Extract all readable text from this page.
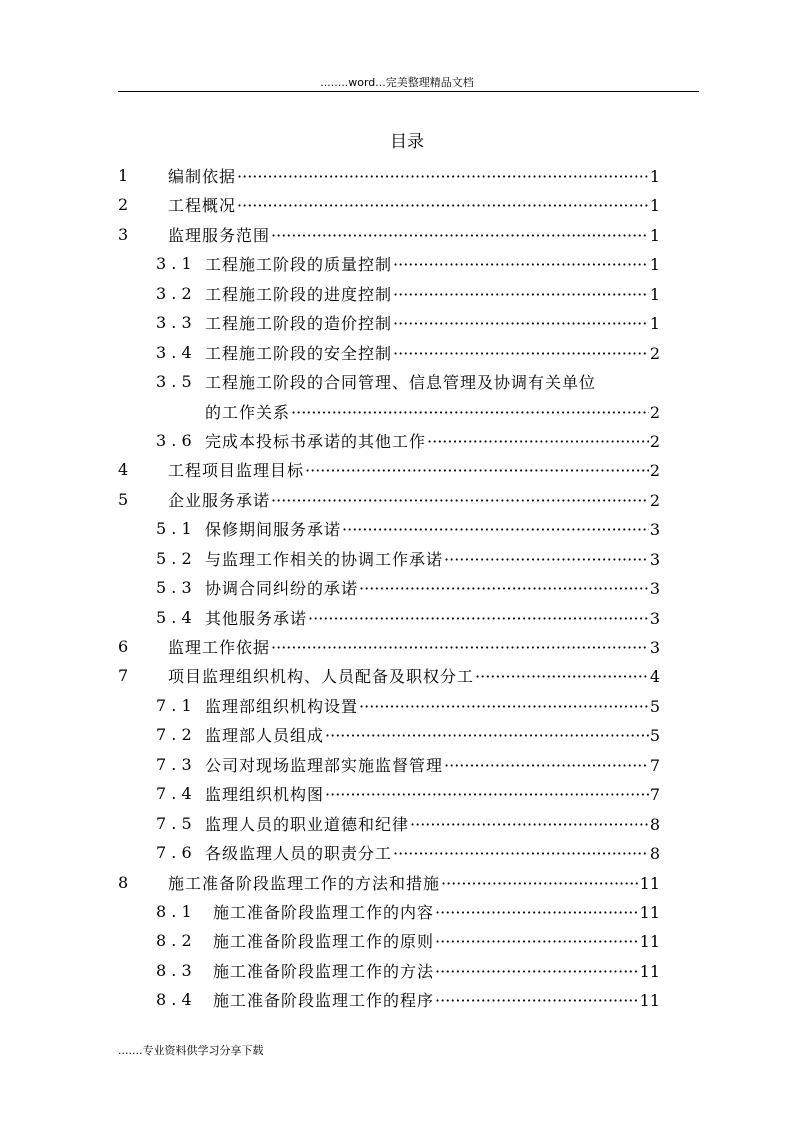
........word...完美整理精品文档
目录
1 编制依据 ·····	1
2 工程概况 ·····	1
3 监理服务范围 ·····	1
3 . 1 工程施工阶段的质量控制 ·····	1
3 . 2 工程施工阶段的进度控制 ·····	1
3 . 3 工程施工阶段的造价控制 ·····	1
3 . 4 工程施工阶段的安全控制 ·····	2
3 . 5 工程施工阶段的合同管理、信息管理及协调有关单位
的工作关系 ·····	2
3 . 6 完成本投标书承诺的其他工作 ·····	2
4 工程项目监理目标 ·····	2
5 企业服务承诺 ·····	2
5 . 1 保修期间服务承诺 ·····	3
5 . 2 与监理工作相关的协调工作承诺 ·····	3
5 . 3 协调合同纠纷的承诺 ·····	3
5 . 4 其他服务承诺 ·····	3
6 监理工作依据 ·····	3
7 项目监理组织机构、人员配备及职权分工 ·····	4
7 . 1 监理部组织机构设置 ·····	5
7 . 2 监理部人员组成 ·····	5
7 . 3 公司对现场监理部实施监督管理 ·····	7
7 . 4 监理组织机构图 ·····	7
7 . 5 监理人员的职业道德和纪律 ·····	8
7 . 6 各级监理人员的职责分工 ·····	8
8 施工准备阶段监理工作的方法和措施 ·····	11
8 . 1 施工准备阶段监理工作的内容 ·····	11
8 . 2 施工准备阶段监理工作的原则 ·····	11
8 . 3 施工准备阶段监理工作的方法 ·····	11
8 . 4 施工准备阶段监理工作的程序 ·····	11
.......专业资料供学习分享下载
